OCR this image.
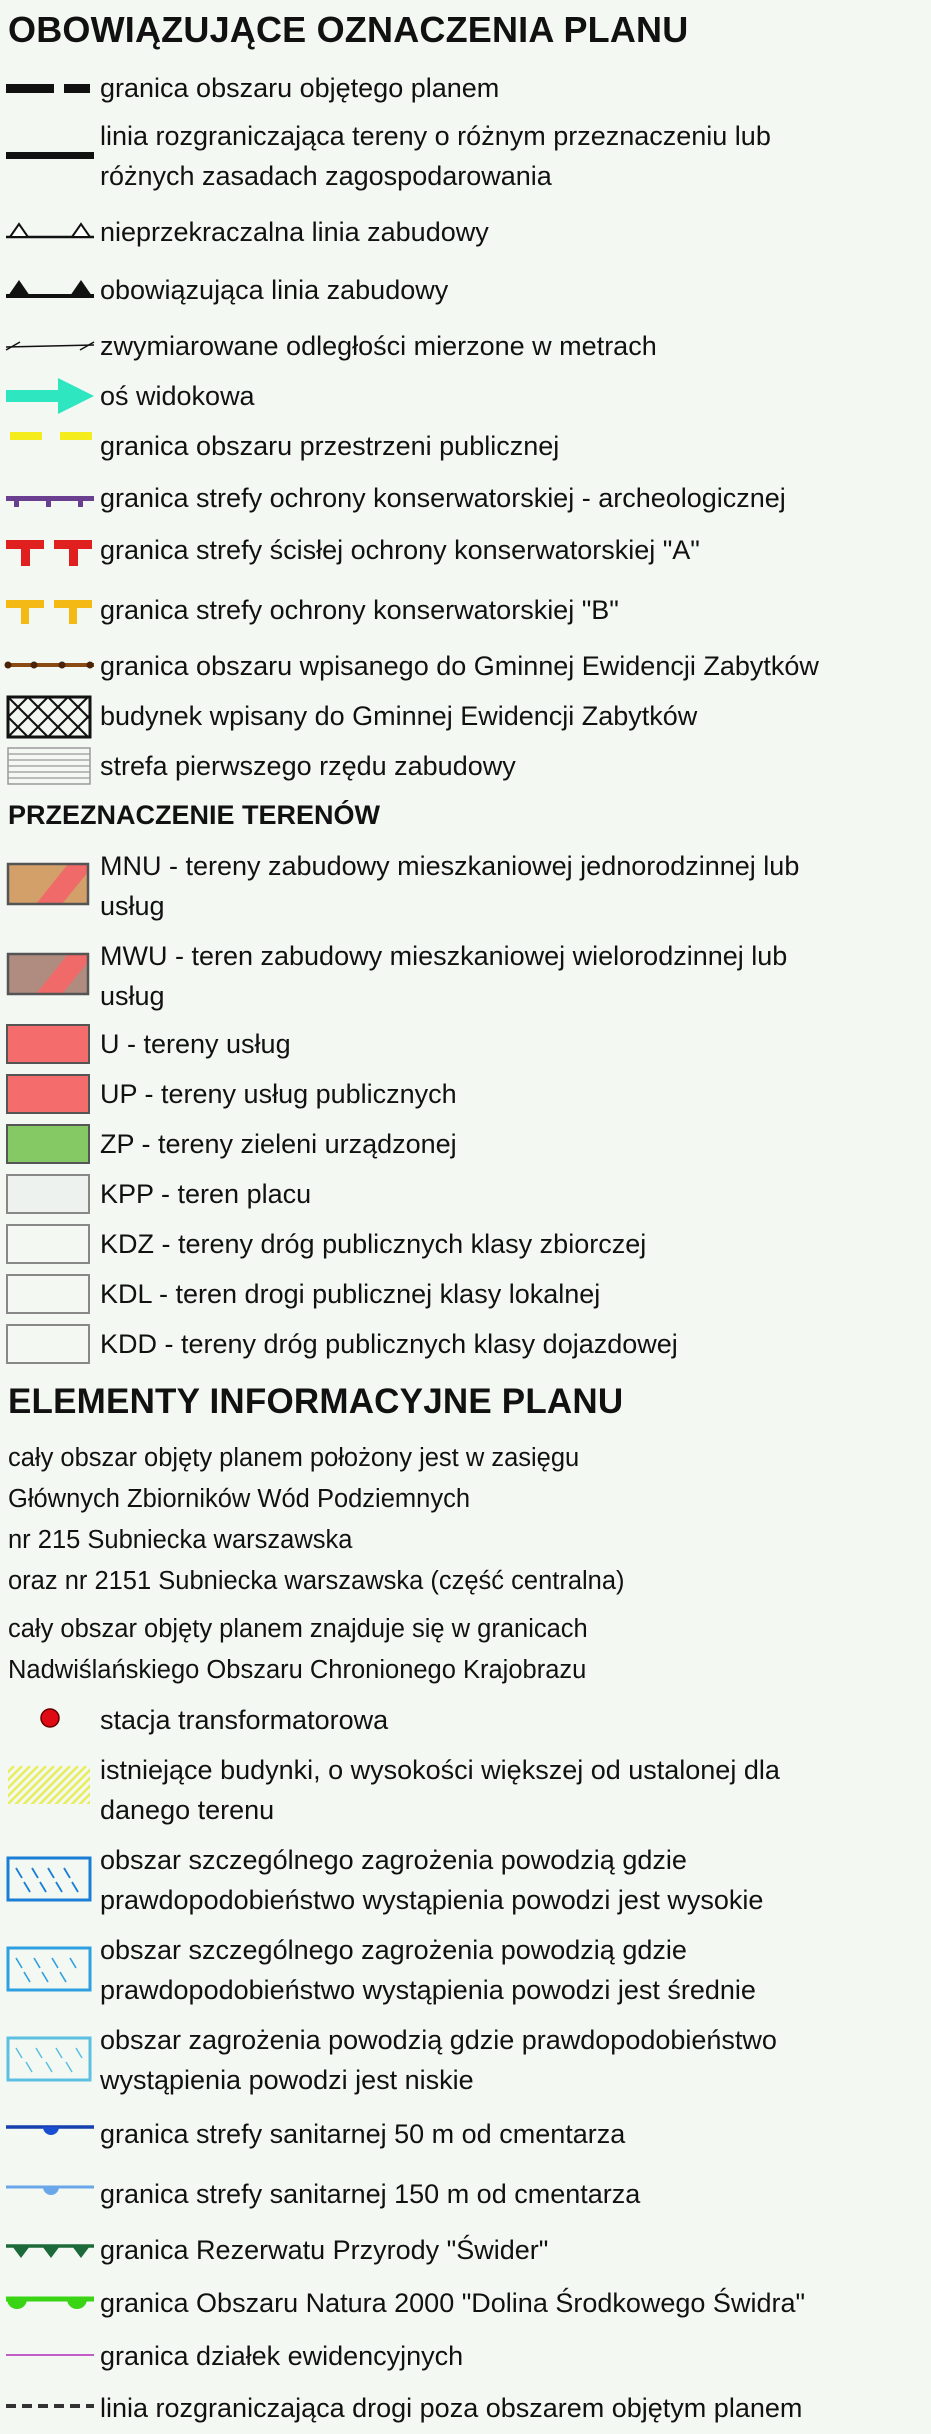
OBOWIĄZUJĄCE OZNACZENIA PLANU
granica obszaru objętego planem
linia rozgraniczająca tereny o różnym przeznaczeniu lub
różnych zasadach zagospodarowania
nieprzekraczalna linia zabudowy
obowiązująca linia zabudowy
zwymiarowane odległości mierzone w metrach
oś widokowa
granica obszaru przestrzeni publicznej
granica strefy ochrony konserwatorskiej - archeologicznej
granica strefy ścisłej ochrony konserwatorskiej "A"
granica strefy ochrony konserwatorskiej "B"
granica obszaru wpisanego do Gminnej Ewidencji Zabytków
budynek wpisany do Gminnej Ewidencji Zabytków
strefa pierwszego rzędu zabudowy
PRZEZNACZENIE TERENÓW
MNU - tereny zabudowy mieszkaniowej jednorodzinnej lub
usług
MWU - teren zabudowy mieszkaniowej wielorodzinnej lub
usług
U - tereny usług
UP - tereny usług publicznych
ZP - tereny zieleni urządzonej
KPP - teren placu
KDZ - tereny dróg publicznych klasy zbiorczej
KDL - teren drogi publicznej klasy lokalnej
KDD - tereny dróg publicznych klasy dojazdowej
ELEMENTY INFORMACYJNE PLANU
cały obszar objęty planem położony jest w zasięgu
Głównych Zbiorników Wód Podziemnych
nr 215 Subniecka warszawska
oraz nr 2151 Subniecka warszawska (część centralna)
cały obszar objęty planem znajduje się w granicach
Nadwiślańskiego Obszaru Chronionego Krajobrazu
stacja transformatorowa
istniejące budynki, o wysokości większej od ustalonej dla
danego terenu
obszar szczególnego zagrożenia powodzią gdzie
prawdopodobieństwo wystąpienia powodzi jest wysokie
obszar szczególnego zagrożenia powodzią gdzie
prawdopodobieństwo wystąpienia powodzi jest średnie
obszar zagrożenia powodzią gdzie prawdopodobieństwo
wystąpienia powodzi jest niskie
granica strefy sanitarnej 50 m od cmentarza
granica strefy sanitarnej 150 m od cmentarza
granica Rezerwatu Przyrody "Świder"
granica Obszaru Natura 2000 "Dolina Środkowego Świdra"
granica działek ewidencyjnych
linia rozgraniczająca drogi poza obszarem objętym planem
